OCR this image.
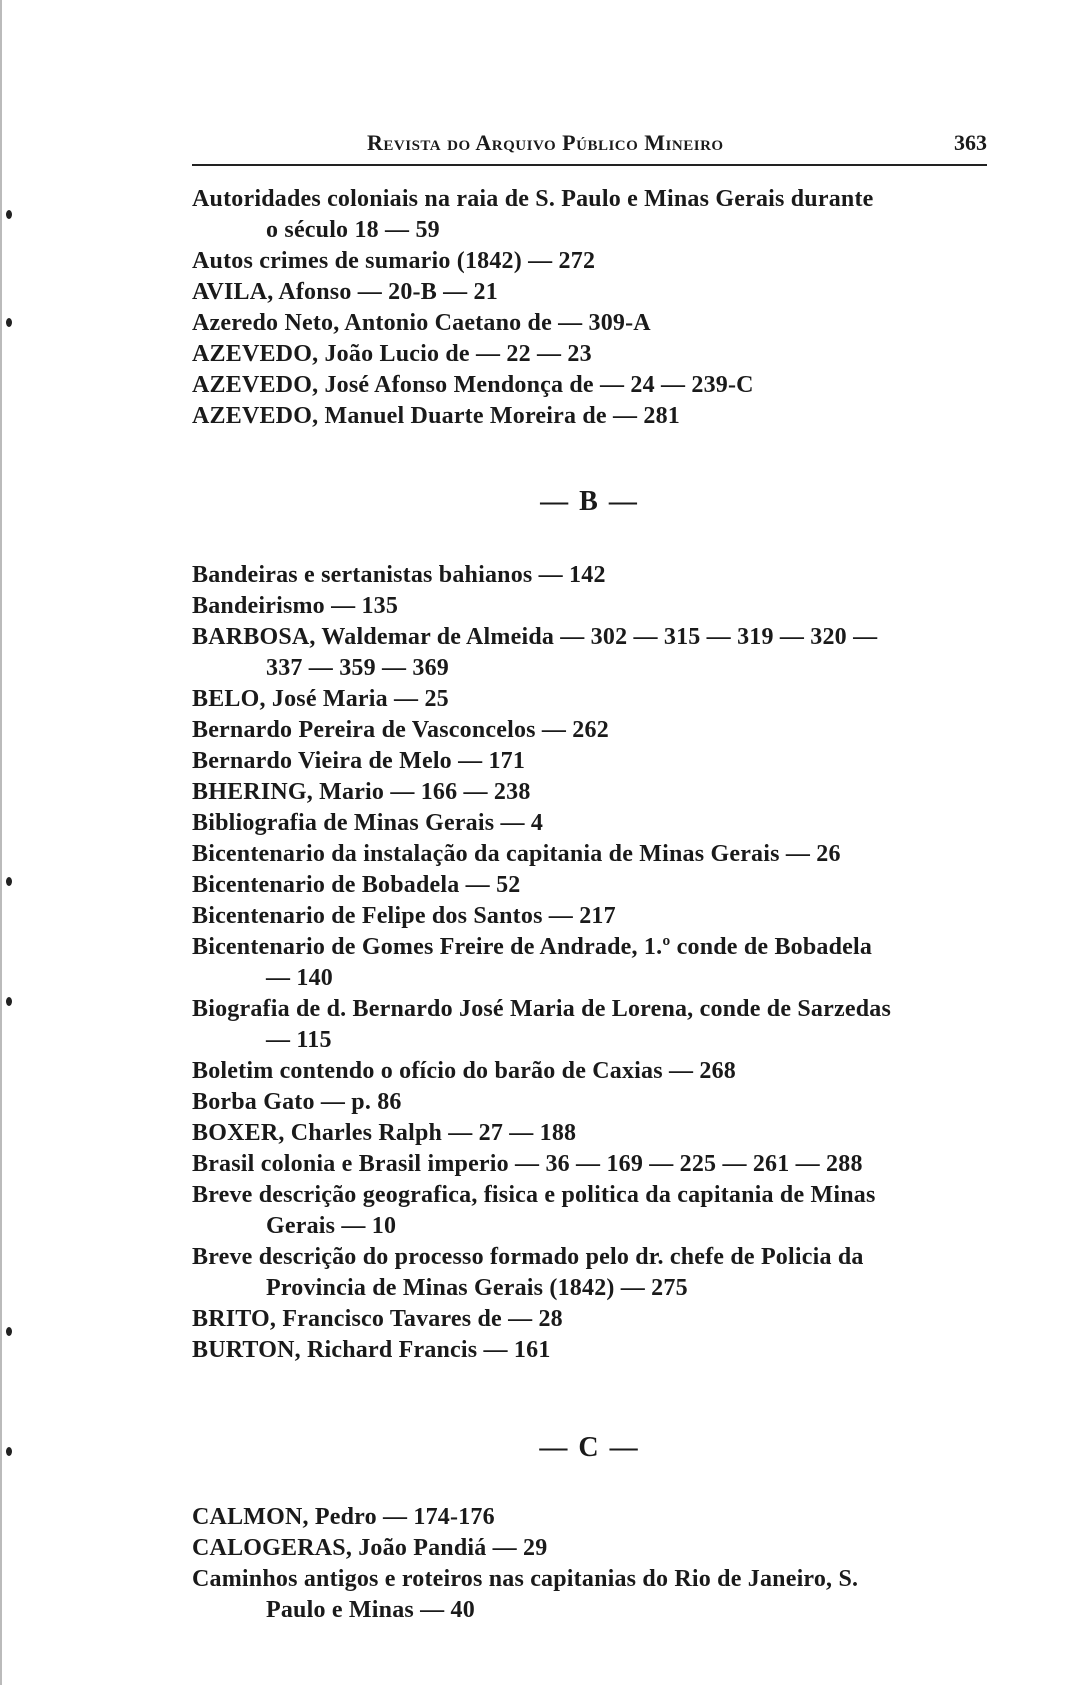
Revista do Arquivo Público Mineiro	363
Autoridades coloniais na raia de S. Paulo e Minas Gerais durante
o século 18 — 59
Autos crimes de sumario (1842) — 272
AVILA, Afonso — 20-B — 21
Azeredo Neto, Antonio Caetano de — 309-A
AZEVEDO, João Lucio de — 22 — 23
AZEVEDO, José Afonso Mendonça de — 24 — 239-C
AZEVEDO, Manuel Duarte Moreira de — 281
— B —
Bandeiras e sertanistas bahianos — 142
Bandeirismo — 135
BARBOSA, Waldemar de Almeida — 302 — 315 — 319 — 320 —
337 — 359 — 369
BELO, José Maria — 25
Bernardo Pereira de Vasconcelos — 262
Bernardo Vieira de Melo — 171
BHERING, Mario — 166 — 238
Bibliografia de Minas Gerais — 4
Bicentenario da instalação da capitania de Minas Gerais — 26
Bicentenario de Bobadela — 52
Bicentenario de Felipe dos Santos — 217
Bicentenario de Gomes Freire de Andrade, 1.º conde de Bobadela
— 140
Biografia de d. Bernardo José Maria de Lorena, conde de Sarzedas
— 115
Boletim contendo o ofício do barão de Caxias — 268
Borba Gato — p. 86
BOXER, Charles Ralph — 27 — 188
Brasil colonia e Brasil imperio — 36 — 169 — 225 — 261 — 288
Breve descrição geografica, fisica e politica da capitania de Minas
Gerais — 10
Breve descrição do processo formado pelo dr. chefe de Policia da
Provincia de Minas Gerais (1842) — 275
BRITO, Francisco Tavares de — 28
BURTON, Richard Francis — 161
— C —
CALMON, Pedro — 174-176
CALOGERAS, João Pandiá — 29
Caminhos antigos e roteiros nas capitanias do Rio de Janeiro, S.
Paulo e Minas — 40
